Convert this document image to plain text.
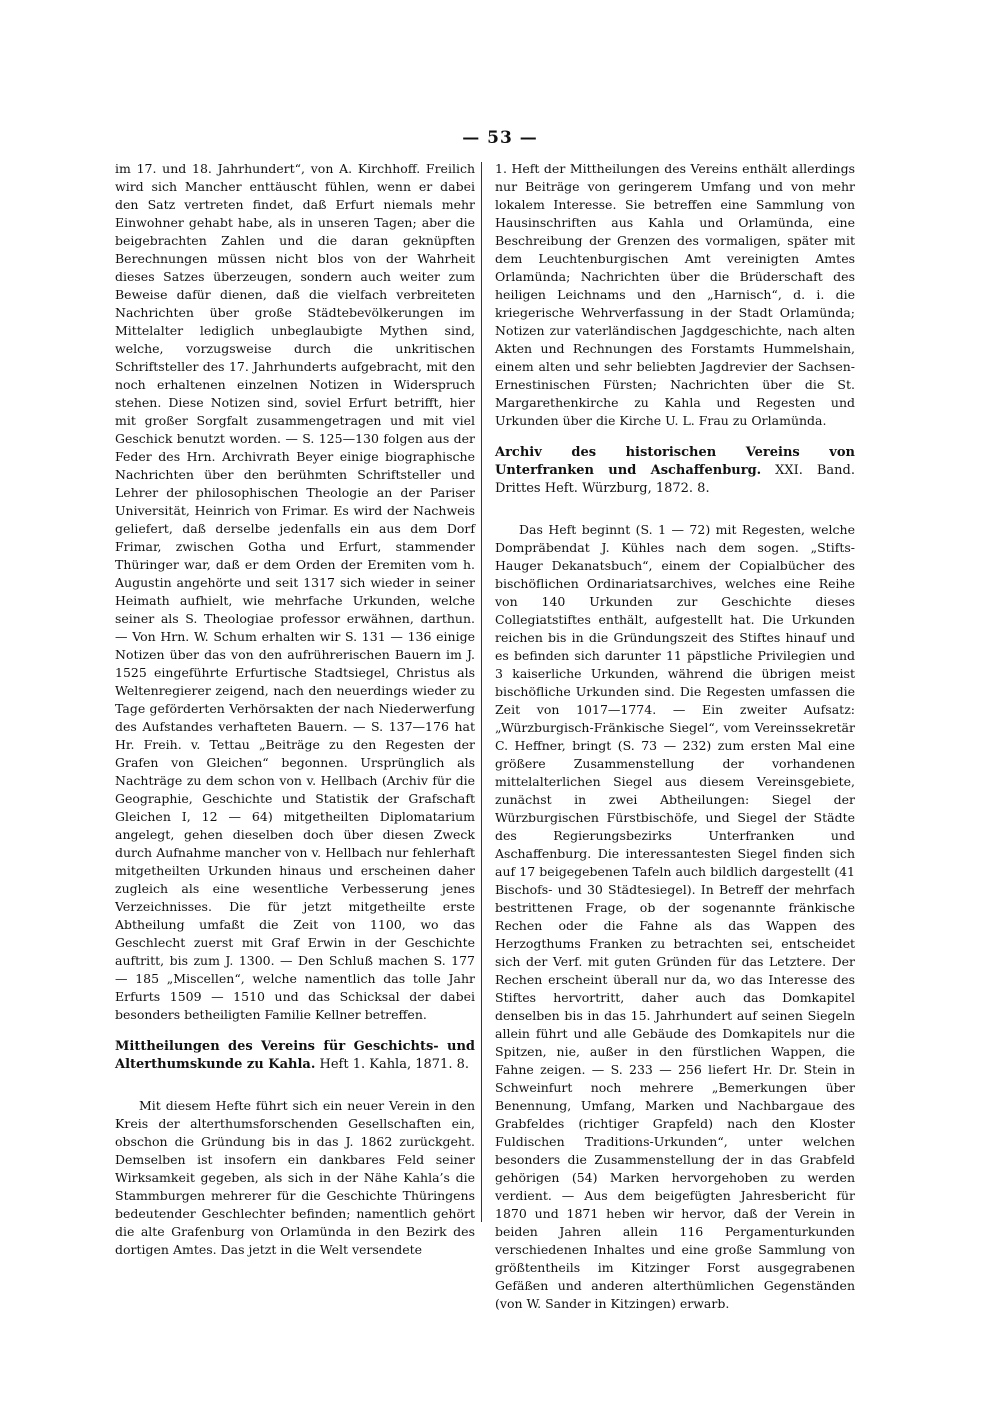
— 53 —

im 17. und 18. Jahrhundert“, von A. Kirchhoff. Freilich wird sich Mancher enttäuscht fühlen, wenn er dabei den Satz vertreten findet, daß Erfurt niemals mehr Einwohner gehabt habe, als in unseren Tagen; aber die beigebrachten Zahlen und die daran geknüpften Berechnungen müssen nicht blos von der Wahrheit dieses Satzes überzeugen, sondern auch weiter zum Beweise dafür dienen, daß die vielfach verbreiteten Nachrichten über große Städtebevölkerungen im Mittelalter lediglich unbeglaubigte Mythen sind, welche, vorzugsweise durch die unkritischen Schriftsteller des 17. Jahrhunderts aufgebracht, mit den noch erhaltenen einzelnen Notizen in Widerspruch stehen. Diese Notizen sind, soviel Erfurt betrifft, hier mit großer Sorgfalt zusammengetragen und mit viel Geschick benutzt worden. — S. 125—130 folgen aus der Feder des Hrn. Archivrath Beyer einige biographische Nachrichten über den berühmten Schriftsteller und Lehrer der philosophischen Theologie an der Pariser Universität, Heinrich von Frimar. Es wird der Nachweis geliefert, daß derselbe jedenfalls ein aus dem Dorf Frimar, zwischen Gotha und Erfurt, stammender Thüringer war, daß er dem Orden der Eremiten vom h. Augustin angehörte und seit 1317 sich wieder in seiner Heimath aufhielt, wie mehrfache Urkunden, welche seiner als S. Theologiae professor erwähnen, darthun. — Von Hrn. W. Schum erhalten wir S. 131 — 136 einige Notizen über das von den aufrührerischen Bauern im J. 1525 eingeführte Erfurtische Stadtsiegel, Christus als Weltenregierer zeigend, nach den neuerdings wieder zu Tage geförderten Verhörsakten der nach Niederwerfung des Aufstandes verhafteten Bauern. — S. 137—176 hat Hr. Freih. v. Tettau „Beiträge zu den Regesten der Grafen von Gleichen“ begonnen. Ursprünglich als Nachträge zu dem schon von v. Hellbach (Archiv für die Geographie, Geschichte und Statistik der Grafschaft Gleichen I, 12 — 64) mitgetheilten Diplomatarium angelegt, gehen dieselben doch über diesen Zweck durch Aufnahme mancher von v. Hellbach nur fehlerhaft mitgetheilten Urkunden hinaus und erscheinen daher zugleich als eine wesentliche Verbesserung jenes Verzeichnisses. Die für jetzt mitgetheilte erste Abtheilung umfaßt die Zeit von 1100, wo das Geschlecht zuerst mit Graf Erwin in der Geschichte auftritt, bis zum J. 1300. — Den Schluß machen S. 177 — 185 „Miscellen“, welche namentlich das tolle Jahr Erfurts 1509 — 1510 und das Schicksal der dabei besonders betheiligten Familie Kellner betreffen.

Mittheilungen des Vereins für Geschichts- und Alterthumskunde zu Kahla. Heft 1. Kahla, 1871. 8.

Mit diesem Hefte führt sich ein neuer Verein in den Kreis der alterthumsforschenden Gesellschaften ein, obschon die Gründung bis in das J. 1862 zurückgeht. Demselben ist insofern ein dankbares Feld seiner Wirksamkeit gegeben, als sich in der Nähe Kahla’s die Stammburgen mehrerer für die Geschichte Thüringens bedeutender Geschlechter befinden; namentlich gehört die alte Grafenburg von Orlamünda in den Bezirk des dortigen Amtes. Das jetzt in die Welt versendete

1. Heft der Mittheilungen des Vereins enthält allerdings nur Beiträge von geringerem Umfang und von mehr lokalem Interesse. Sie betreffen eine Sammlung von Hausinschriften aus Kahla und Orlamünda, eine Beschreibung der Grenzen des vormaligen, später mit dem Leuchtenburgischen Amt vereinigten Amtes Orlamünda; Nachrichten über die Brüderschaft des heiligen Leichnams und den „Harnisch“, d. i. die kriegerische Wehrverfassung in der Stadt Orlamünda; Notizen zur vaterländischen Jagdgeschichte, nach alten Akten und Rechnungen des Forstamts Hummelshain, einem alten und sehr beliebten Jagdrevier der Sachsen-Ernestinischen Fürsten; Nachrichten über die St. Margarethenkirche zu Kahla und Regesten und Urkunden über die Kirche U. L. Frau zu Orlamünda.

Archiv des historischen Vereins von Unterfranken und Aschaffenburg. XXI. Band. Drittes Heft. Würzburg, 1872. 8.

Das Heft beginnt (S. 1 — 72) mit Regesten, welche Dompräbendat J. Kühles nach dem sogen. „Stifts-Hauger Dekanatsbuch“, einem der Copialbücher des bischöflichen Ordinariatsarchives, welches eine Reihe von 140 Urkunden zur Geschichte dieses Collegiatstiftes enthält, aufgestellt hat. Die Urkunden reichen bis in die Gründungszeit des Stiftes hinauf und es befinden sich darunter 11 päpstliche Privilegien und 3 kaiserliche Urkunden, während die übrigen meist bischöfliche Urkunden sind. Die Regesten umfassen die Zeit von 1017—1774. — Ein zweiter Aufsatz: „Würzburgisch-Fränkische Siegel“, vom Vereinssekretär C. Heffner, bringt (S. 73 — 232) zum ersten Mal eine größere Zusammenstellung der vorhandenen mittelalterlichen Siegel aus diesem Vereinsgebiete, zunächst in zwei Abtheilungen: Siegel der Würzburgischen Fürstbischöfe, und Siegel der Städte des Regierungsbezirks Unterfranken und Aschaffenburg. Die interessantesten Siegel finden sich auf 17 beigegebenen Tafeln auch bildlich dargestellt (41 Bischofs- und 30 Städtesiegel). In Betreff der mehrfach bestrittenen Frage, ob der sogenannte fränkische Rechen oder die Fahne als das Wappen des Herzogthums Franken zu betrachten sei, entscheidet sich der Verf. mit guten Gründen für das Letztere. Der Rechen erscheint überall nur da, wo das Interesse des Stiftes hervortritt, daher auch das Domkapitel denselben bis in das 15. Jahrhundert auf seinen Siegeln allein führt und alle Gebäude des Domkapitels nur die Spitzen, nie, außer in den fürstlichen Wappen, die Fahne zeigen. — S. 233 — 256 liefert Hr. Dr. Stein in Schweinfurt noch mehrere „Bemerkungen über Benennung, Umfang, Marken und Nachbargaue des Grabfeldes (richtiger Grapfeld) nach den Kloster Fuldischen Traditions-Urkunden“, unter welchen besonders die Zusammenstellung der in das Grabfeld gehörigen (54) Marken hervorgehoben zu werden verdient. — Aus dem beigefügten Jahresbericht für 1870 und 1871 heben wir hervor, daß der Verein in beiden Jahren allein 116 Pergamenturkunden verschiedenen Inhaltes und eine große Sammlung von größtentheils im Kitzinger Forst ausgegrabenen Gefäßen und anderen alterthümlichen Gegenständen (von W. Sander in Kitzingen) erwarb.
